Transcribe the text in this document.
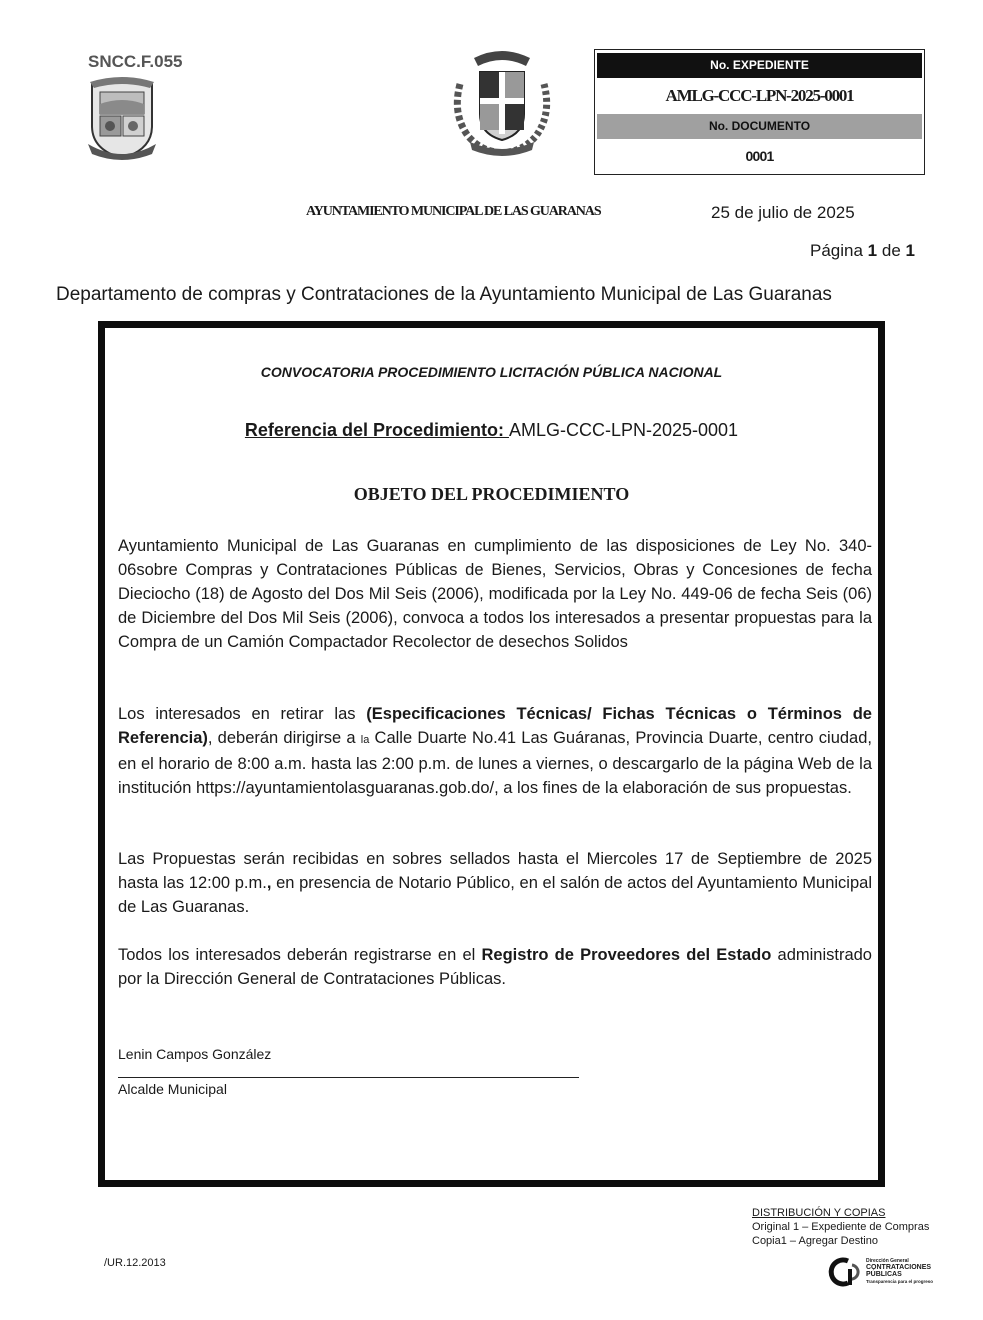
SNCC.F.055	No. EXPEDIENTE
AMLG-CCC-LPN-2025-0001
No. DOCUMENTO
0001
AYUNTAMIENTO MUNICIPAL DE LAS GUARANAS	25 de julio de 2025
Página 1 de 1
Departamento de compras y Contrataciones de la Ayuntamiento Municipal de Las Guaranas
CONVOCATORIA PROCEDIMIENTO LICITACIÓN PÚBLICA NACIONAL
Referencia del Procedimiento: AMLG-CCC-LPN-2025-0001
OBJETO DEL PROCEDIMIENTO
Ayuntamiento Municipal de Las Guaranas en cumplimiento de las disposiciones de Ley No. 340-06sobre Compras y Contrataciones Públicas de Bienes, Servicios, Obras y Concesiones de fecha Dieciocho (18) de Agosto del Dos Mil Seis (2006), modificada por la Ley No. 449-06 de fecha Seis (06) de Diciembre del Dos Mil Seis (2006), convoca a todos los interesados a presentar propuestas para la Compra de un Camión Compactador Recolector de desechos Solidos
Los interesados en retirar las (Especificaciones Técnicas/ Fichas Técnicas o Términos de Referencia), deberán dirigirse a la Calle Duarte No.41 Las Guáranas, Provincia Duarte, centro ciudad, en el horario de 8:00 a.m. hasta las 2:00 p.m. de lunes a viernes, o descargarlo de la página Web de la institución https://ayuntamientolasguaranas.gob.do/, a los fines de la elaboración de sus propuestas.
Las Propuestas serán recibidas en sobres sellados hasta el Miercoles 17 de Septiembre de 2025 hasta las 12:00 p.m., en presencia de Notario Público, en el salón de actos del Ayuntamiento Municipal de Las Guaranas.
Todos los interesados deberán registrarse en el Registro de Proveedores del Estado administrado por la Dirección General de Contrataciones Públicas.
Lenin Campos González
Alcalde Municipal
DISTRIBUCIÓN Y COPIAS
Original 1 – Expediente de Compras
Copia1 – Agregar Destino
/UR.12.2013	Dirección General
CONTRATACIONES
PÚBLICAS
Transparencia para el progreso
